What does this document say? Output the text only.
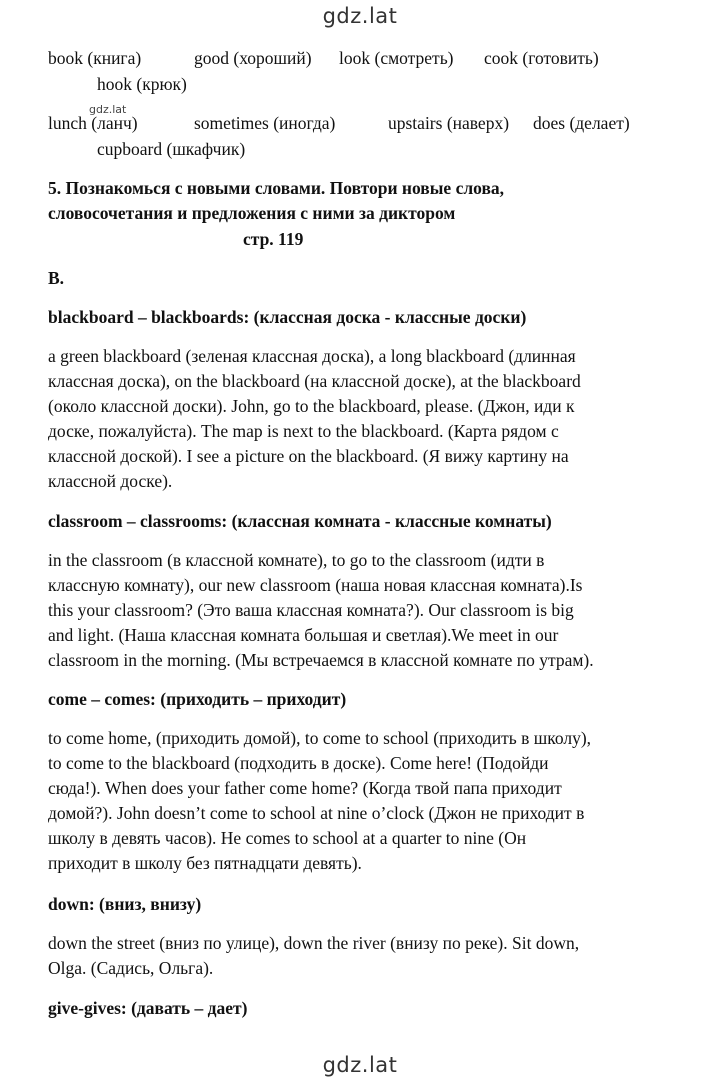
gdz.lat
book (книга)	good (хороший) look (смотреть) cook (готовить)
hook (крюк)
gdz.lat
lunch (ланч)	sometimes (иногда)	upstairs (наверх) does (делает)
cupboard (шкафчик)
5. Познакомься с новыми словами. Повтори новые слова,
словосочетания и предложения с ними за диктором
стр. 119
B.
blackboard – blackboards: (классная доска - классные доски)
a green blackboard (зеленая классная доска), a long blackboard (длинная
классная доска), on the blackboard (на классной доске), at the blackboard
(около классной доски). John, go to the blackboard, please. (Джон, иди к
доске, пожалуйста). The map is next to the blackboard. (Карта рядом с
классной доской). I see a picture on the blackboard. (Я вижу картину на
классной доске).
classroom – classrooms: (классная комната - классные комнаты)
in the classroom (в классной комнате), to go to the classroom (идти в
классную комнату), our new classroom (наша новая классная комната).Is
this your classroom? (Это ваша классная комната?). Our classroom is big
and light. (Наша классная комната большая и светлая).We meet in our
classroom in the morning. (Мы встречаемся в классной комнате по утрам).
come – comes: (приходить – приходит)
to come home, (приходить домой), to come to school (приходить в школу),
to come to the blackboard (подходить в доске). Come here! (Подойди
сюда!). When does your father come home? (Когда твой папа приходит
домой?). John doesn’t come to school at nine o’clock (Джон не приходит в
школу в девять часов). He comes to school at a quarter to nine (Он
приходит в школу без пятнадцати девять).
down: (вниз, внизу)
down the street (вниз по улице), down the river (внизу по реке). Sit down,
Olga. (Садись, Ольга).
give-gives: (давать – дает)
gdz.lat
